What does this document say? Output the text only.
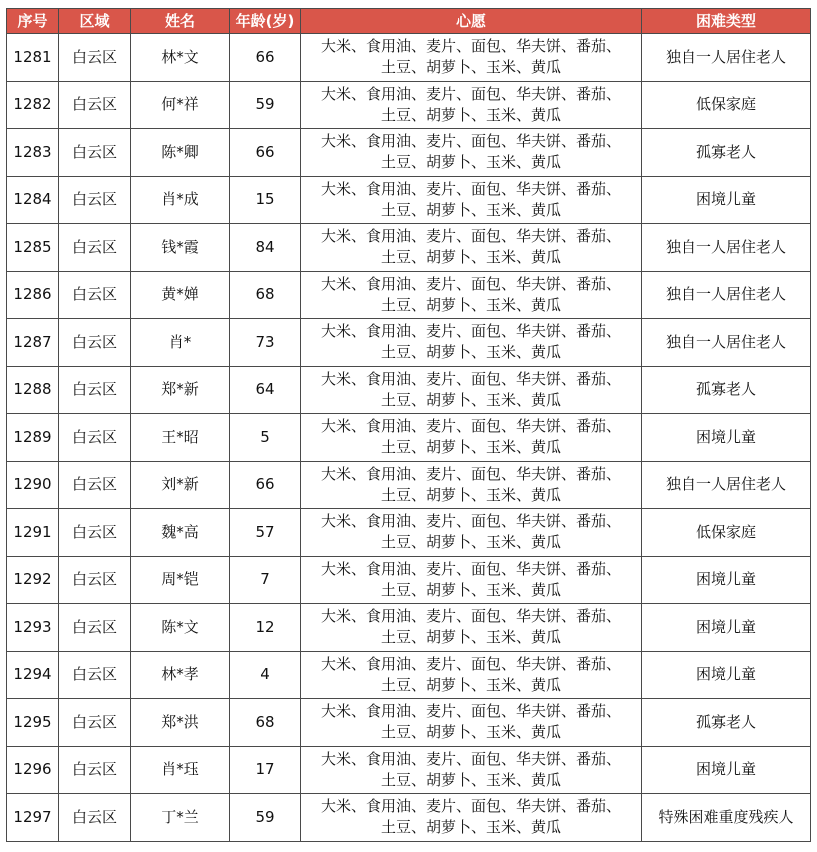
序号	区域	姓名	年龄(岁)	心愿	困难类型
1281	白云区	林*文	66	大米、食用油、麦片、面包、华夫饼、番茄、
土豆、胡萝卜、玉米、黄瓜	独自一人居住老人
1282	白云区	何*祥	59	大米、食用油、麦片、面包、华夫饼、番茄、
土豆、胡萝卜、玉米、黄瓜	低保家庭
1283	白云区	陈*卿	66	大米、食用油、麦片、面包、华夫饼、番茄、
土豆、胡萝卜、玉米、黄瓜	孤寡老人
1284	白云区	肖*成	15	大米、食用油、麦片、面包、华夫饼、番茄、
土豆、胡萝卜、玉米、黄瓜	困境儿童
1285	白云区	钱*霞	84	大米、食用油、麦片、面包、华夫饼、番茄、
土豆、胡萝卜、玉米、黄瓜	独自一人居住老人
1286	白云区	黄*婵	68	大米、食用油、麦片、面包、华夫饼、番茄、
土豆、胡萝卜、玉米、黄瓜	独自一人居住老人
1287	白云区	肖*	73	大米、食用油、麦片、面包、华夫饼、番茄、
土豆、胡萝卜、玉米、黄瓜	独自一人居住老人
1288	白云区	郑*新	64	大米、食用油、麦片、面包、华夫饼、番茄、
土豆、胡萝卜、玉米、黄瓜	孤寡老人
1289	白云区	王*昭	5	大米、食用油、麦片、面包、华夫饼、番茄、
土豆、胡萝卜、玉米、黄瓜	困境儿童
1290	白云区	刘*新	66	大米、食用油、麦片、面包、华夫饼、番茄、
土豆、胡萝卜、玉米、黄瓜	独自一人居住老人
1291	白云区	魏*高	57	大米、食用油、麦片、面包、华夫饼、番茄、
土豆、胡萝卜、玉米、黄瓜	低保家庭
1292	白云区	周*铠	7	大米、食用油、麦片、面包、华夫饼、番茄、
土豆、胡萝卜、玉米、黄瓜	困境儿童
1293	白云区	陈*文	12	大米、食用油、麦片、面包、华夫饼、番茄、
土豆、胡萝卜、玉米、黄瓜	困境儿童
1294	白云区	林*孝	4	大米、食用油、麦片、面包、华夫饼、番茄、
土豆、胡萝卜、玉米、黄瓜	困境儿童
1295	白云区	郑*洪	68	大米、食用油、麦片、面包、华夫饼、番茄、
土豆、胡萝卜、玉米、黄瓜	孤寡老人
1296	白云区	肖*珏	17	大米、食用油、麦片、面包、华夫饼、番茄、
土豆、胡萝卜、玉米、黄瓜	困境儿童
1297	白云区	丁*兰	59	大米、食用油、麦片、面包、华夫饼、番茄、
土豆、胡萝卜、玉米、黄瓜	特殊困难重度残疾人
